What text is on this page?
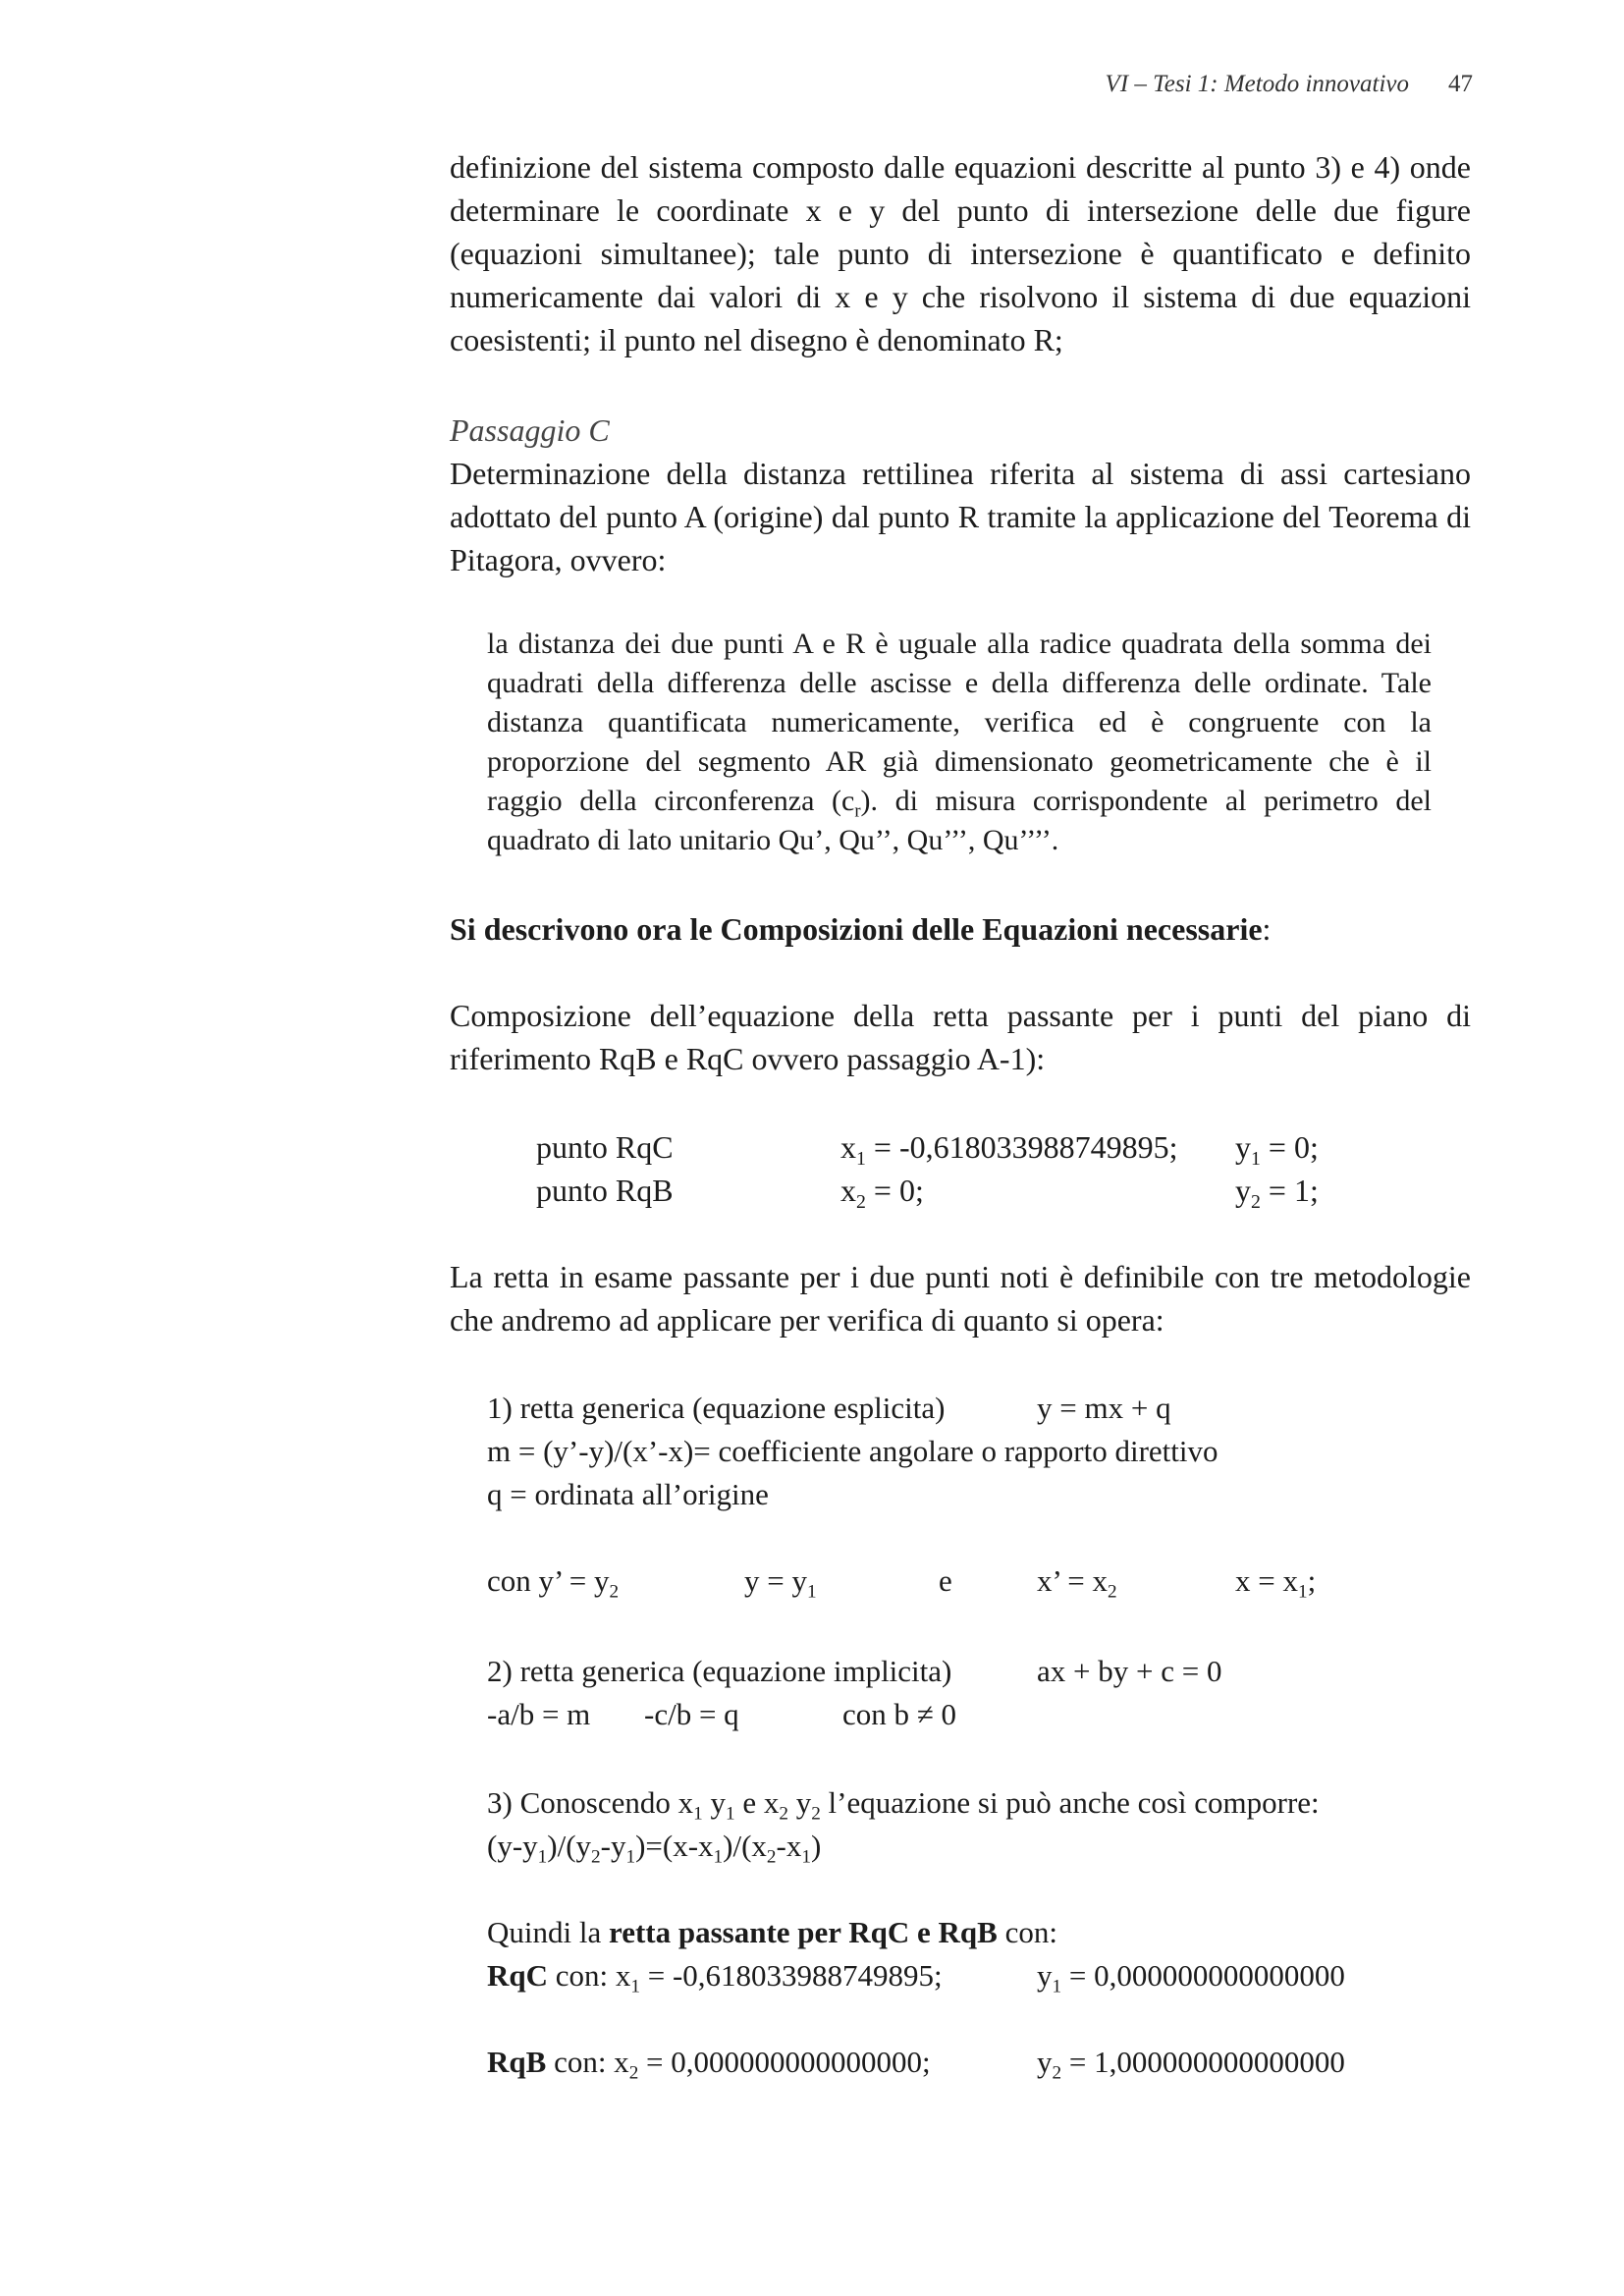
VI – Tesi 1: Metodo innovativo 47

definizione del sistema composto dalle equazioni descritte al punto 3) e 4) onde determinare le coordinate x e y del punto di intersezione delle due figure (equazioni simultanee); tale punto di intersezione è quantificato e definito numericamente dai valori di x e y che risolvono il sistema di due equazioni coesistenti; il punto nel disegno è denominato R;

Passaggio C

Determinazione della distanza rettilinea riferita al sistema di assi cartesiano adottato del punto A (origine) dal punto R tramite la applicazione del Teorema di Pitagora, ovvero:

la distanza dei due punti A e R è uguale alla radice quadrata della somma dei quadrati della differenza delle ascisse e della differenza delle ordinate. Tale distanza quantificata numericamente, verifica ed è congruente con la proporzione del segmento AR già dimensionato geometricamente che è il raggio della circonferenza $(c_r)$. di misura corrispondente al perimetro del quadrato di lato unitario Qu’, Qu’’, Qu’’’, Qu’’’’.

Si descrivono ora le Composizioni delle Equazioni necessarie:

Composizione dell’equazione della retta passante per i punti del piano di riferimento RqB e RqC ovvero passaggio A-1):

punto RqC	$x_1 = -0,618033988749895$; $y_1 = 0$;
punto RqB	$x_2 = 0$;	$y_2 = 1$;

La retta in esame passante per i due punti noti è definibile con tre metodologie che andremo ad applicare per verifica di quanto si opera:

1) retta generica (equazione esplicita)	y = mx + q
m = (y’-y)/(x’-x)= coefficiente angolare o rapporto direttivo
q = ordinata all’origine
con y’ = $y_2$	$y = y_1$	e	x’ = $x_2$	$x = x_1$;
2) retta generica (equazione implicita)	ax + by + c = 0
-a/b = m -c/b = q	con b ≠ 0
3) Conoscendo $x_1$ $y_1$ e $x_2$ $y_2$ l’equazione si può anche così comporre:
$(y-y_1)/(y_2-y_1)=(x-x_1)/(x_2-x_1)$
Quindi la retta passante per RqC e RqB con:
RqC con: $x_1 = -0,618033988749895$;	$y_1 = 0,000000000000000$
RqB con: $x_2 = 0,000000000000000$;	$y_2 = 1,000000000000000$
